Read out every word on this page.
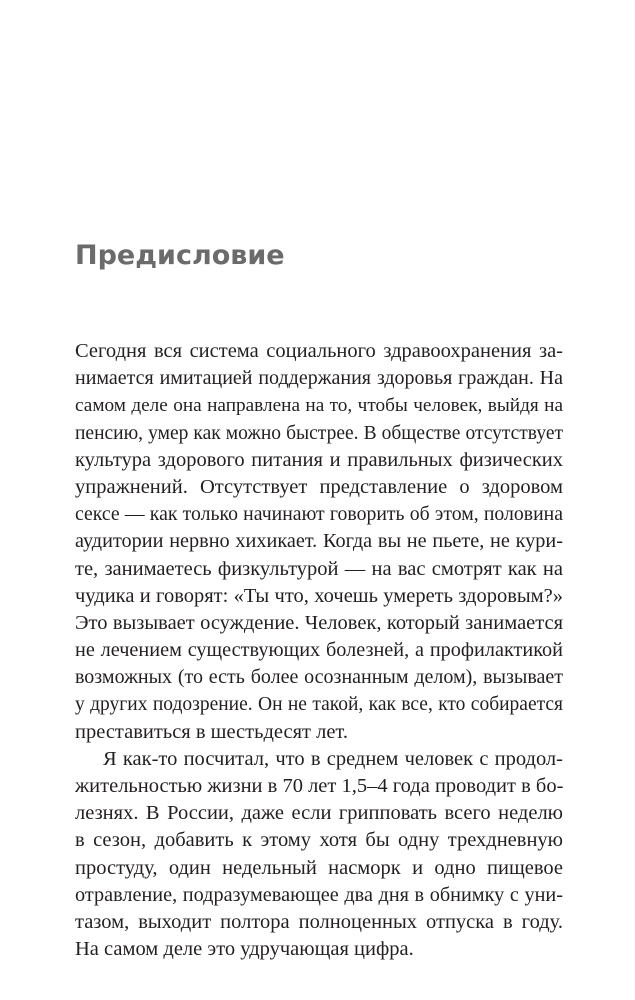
Предисловие
Сегодня вся система социального здравоохранения за-
нимается имитацией поддержания здоровья граждан. На
самом деле она направлена на то, чтобы человек, выйдя на
пенсию, умер как можно быстрее. В обществе отсутствует
культура здорового питания и правильных физических
упражнений. Отсутствует представление о здоровом
сексе — как только начинают говорить об этом, половина
аудитории нервно хихикает. Когда вы не пьете, не кури-
те, занимаетесь физкультурой — на вас смотрят как на
чудика и говорят: «Ты что, хочешь умереть здоровым?»
Это вызывает осуждение. Человек, который занимается
не лечением существующих болезней, а профилактикой
возможных (то есть более осознанным делом), вызывает
у других подозрение. Он не такой, как все, кто собирается
преставиться в шестьдесят лет.
Я как-то посчитал, что в среднем человек с продол-
жительностью жизни в 70 лет 1,5–4 года проводит в бо-
лезнях. В России, даже если грипповать всего неделю
в сезон, добавить к этому хотя бы одну трехдневную
простуду, один недельный насморк и одно пищевое
отравление, подразумевающее два дня в обнимку с уни-
тазом, выходит полтора полноценных отпуска в году.
На самом деле это удручающая цифра.
